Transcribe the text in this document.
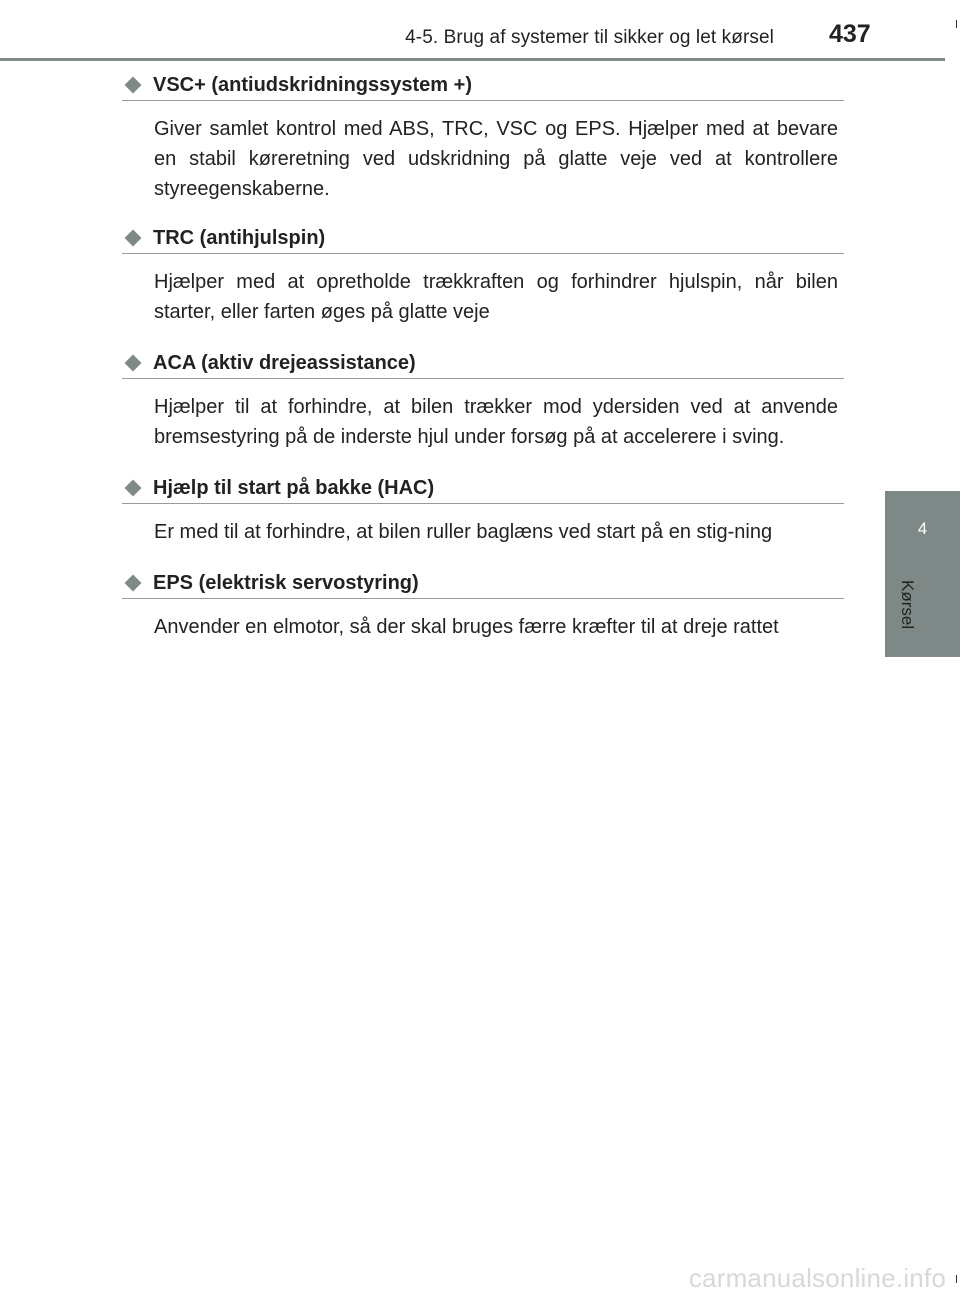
4-5. Brug af systemer til sikker og let kørsel 437
4
Kørsel
VSC+ (antiudskridningssystem +)
Giver samlet kontrol med ABS, TRC, VSC og EPS. Hjælper med at bevare en stabil køreretning ved udskridning på glatte veje ved at kontrollere styreegenskaberne.
TRC (antihjulspin)
Hjælper med at opretholde trækkraften og forhindrer hjulspin, når bilen starter, eller farten øges på glatte veje
ACA (aktiv drejeassistance)
Hjælper til at forhindre, at bilen trækker mod ydersiden ved at anvende bremsestyring på de inderste hjul under forsøg på at accelerere i sving.
Hjælp til start på bakke (HAC)
Er med til at forhindre, at bilen ruller baglæns ved start på en stig-ning
EPS (elektrisk servostyring)
Anvender en elmotor, så der skal bruges færre kræfter til at dreje rattet
carmanualsonline.info
